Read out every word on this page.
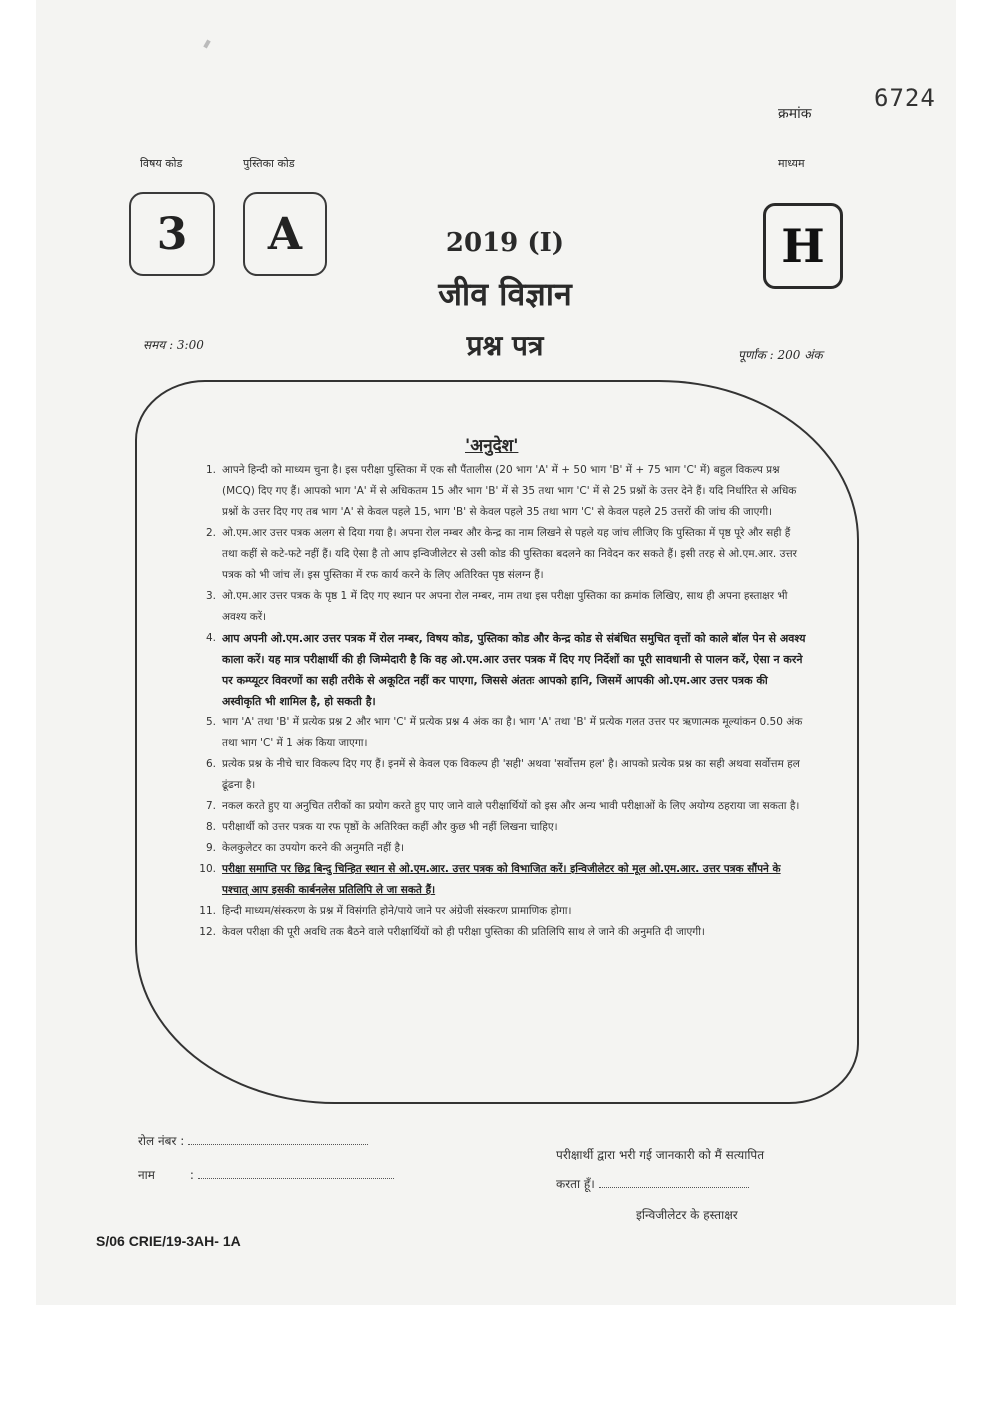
6724
क्रमांक
विषय कोड	पुस्तिका कोड	माध्यम
3	A	H
2019 (I)
जीव विज्ञान
प्रश्न पत्र
समय : 3:00
पूर्णांक : 200 अंक
'अनुदेश'
1. आपने हिन्दी को माध्यम चुना है। इस परीक्षा पुस्तिका में एक सौ पैंतालीस (20 भाग 'A' में + 50 भाग 'B' में + 75 भाग 'C' में) बहुल विकल्प प्रश्न (MCQ) दिए गए हैं। आपको भाग 'A' में से अधिकतम 15 और भाग 'B' में से 35 तथा भाग 'C' में से 25 प्रश्नों के उत्तर देने हैं। यदि निर्धारित से अधिक प्रश्नों के उत्तर दिए गए तब भाग 'A' से केवल पहले 15, भाग 'B' से केवल पहले 35 तथा भाग 'C' से केवल पहले 25 उत्तरों की जांच की जाएगी।
2. ओ.एम.आर उत्तर पत्रक अलग से दिया गया है। अपना रोल नम्बर और केन्द्र का नाम लिखने से पहले यह जांच लीजिए कि पुस्तिका में पृष्ठ पूरे और सही हैं तथा कहीं से कटे-फटे नहीं हैं। यदि ऐसा है तो आप इन्विजीलेटर से उसी कोड की पुस्तिका बदलने का निवेदन कर सकते हैं। इसी तरह से ओ.एम.आर. उत्तर पत्रक को भी जांच लें। इस पुस्तिका में रफ कार्य करने के लिए अतिरिक्त पृष्ठ संलग्न हैं।
3. ओ.एम.आर उत्तर पत्रक के पृष्ठ 1 में दिए गए स्थान पर अपना रोल नम्बर, नाम तथा इस परीक्षा पुस्तिका का क्रमांक लिखिए, साथ ही अपना हस्ताक्षर भी अवश्य करें।
4. आप अपनी ओ.एम.आर उत्तर पत्रक में रोल नम्बर, विषय कोड, पुस्तिका कोड और केन्द्र कोड से संबंधित समुचित वृत्तों को काले बॉल पेन से अवश्य काला करें। यह मात्र परीक्षार्थी की ही जिम्मेदारी है कि वह ओ.एम.आर उत्तर पत्रक में दिए गए निर्देशों का पूरी सावधानी से पालन करें, ऐसा न करने पर कम्प्यूटर विवरणों का सही तरीके से अकूटित नहीं कर पाएगा, जिससे अंततः आपको हानि, जिसमें आपकी ओ.एम.आर उत्तर पत्रक की अस्वीकृति भी शामिल है, हो सकती है।
5. भाग 'A' तथा 'B' में प्रत्येक प्रश्न 2 और भाग 'C' में प्रत्येक प्रश्न 4 अंक का है। भाग 'A' तथा 'B' में प्रत्येक गलत उत्तर पर ऋणात्मक मूल्यांकन 0.50 अंक तथा भाग 'C' में 1 अंक किया जाएगा।
6. प्रत्येक प्रश्न के नीचे चार विकल्प दिए गए हैं। इनमें से केवल एक विकल्प ही 'सही' अथवा 'सर्वोत्तम हल' है। आपको प्रत्येक प्रश्न का सही अथवा सर्वोत्तम हल ढूंढना है।
7. नकल करते हुए या अनुचित तरीकों का प्रयोग करते हुए पाए जाने वाले परीक्षार्थियों को इस और अन्य भावी परीक्षाओं के लिए अयोग्य ठहराया जा सकता है।
8. परीक्षार्थी को उत्तर पत्रक या रफ पृष्ठों के अतिरिक्त कहीं और कुछ भी नहीं लिखना चाहिए।
9. केलकुलेटर का उपयोग करने की अनुमति नहीं है।
10. परीक्षा समाप्ति पर छिद्र बिन्दु चिन्हित स्थान से ओ.एम.आर. उत्तर पत्रक को विभाजित करें। इन्विजीलेटर को मूल ओ.एम.आर. उत्तर पत्रक सौंपने के पश्चात् आप इसकी कार्बनलेस प्रतिलिपि ले जा सकते हैं।
11. हिन्दी माध्यम/संस्करण के प्रश्न में विसंगति होने/पाये जाने पर अंग्रेजी संस्करण प्रामाणिक होगा।
12. केवल परीक्षा की पूरी अवधि तक बैठने वाले परीक्षार्थियों को ही परीक्षा पुस्तिका की प्रतिलिपि साथ ले जाने की अनुमति दी जाएगी।
रोल नंबर :
नाम	:
परीक्षार्थी द्वारा भरी गई जानकारी को मैं सत्यापित
करता हूँ।
इन्विजीलेटर के हस्ताक्षर
S/06 CRIE/19-3AH- 1A
